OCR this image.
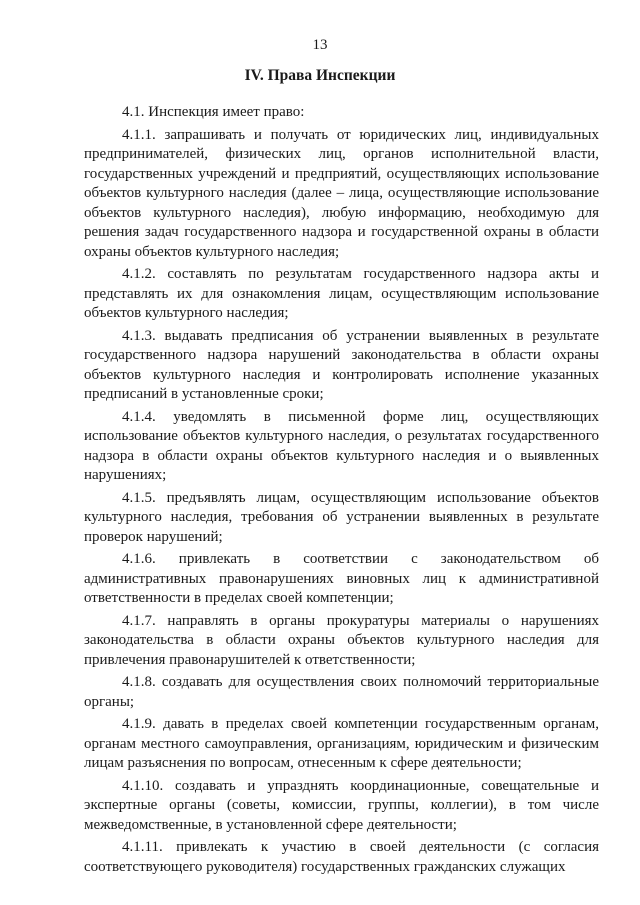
13
IV. Права Инспекции

4.1. Инспекция имеет право:

4.1.1. запрашивать и получать от юридических лиц, индивидуальных предпринимателей, физических лиц, органов исполнительной власти, государственных учреждений и предприятий, осуществляющих использование объектов культурного наследия (далее – лица, осуществляющие использование объектов культурного наследия), любую информацию, необходимую для решения задач государственного надзора и государственной охраны в области охраны объектов культурного наследия;

4.1.2. составлять по результатам государственного надзора акты и представлять их для ознакомления лицам, осуществляющим использование объектов культурного наследия;

4.1.3. выдавать предписания об устранении выявленных в результате государственного надзора нарушений законодательства в области охраны объектов культурного наследия и контролировать исполнение указанных предписаний в установленные сроки;

4.1.4. уведомлять в письменной форме лиц, осуществляющих использование объектов культурного наследия, о результатах государственного надзора в области охраны объектов культурного наследия и о выявленных нарушениях;

4.1.5. предъявлять лицам, осуществляющим использование объектов культурного наследия, требования об устранении выявленных в результате проверок нарушений;

4.1.6. привлекать в соответствии с законодательством об административных правонарушениях виновных лиц к административной ответственности в пределах своей компетенции;

4.1.7. направлять в органы прокуратуры материалы о нарушениях законодательства в области охраны объектов культурного наследия для привлечения правонарушителей к ответственности;

4.1.8. создавать для осуществления своих полномочий территориальные органы;

4.1.9. давать в пределах своей компетенции государственным органам, органам местного самоуправления, организациям, юридическим и физическим лицам разъяснения по вопросам, отнесенным к сфере деятельности;

4.1.10. создавать и упразднять координационные, совещательные и экспертные органы (советы, комиссии, группы, коллегии), в том числе межведомственные, в установленной сфере деятельности;

4.1.11. привлекать к участию в своей деятельности (с согласия соответствующего руководителя) государственных гражданских служащих
